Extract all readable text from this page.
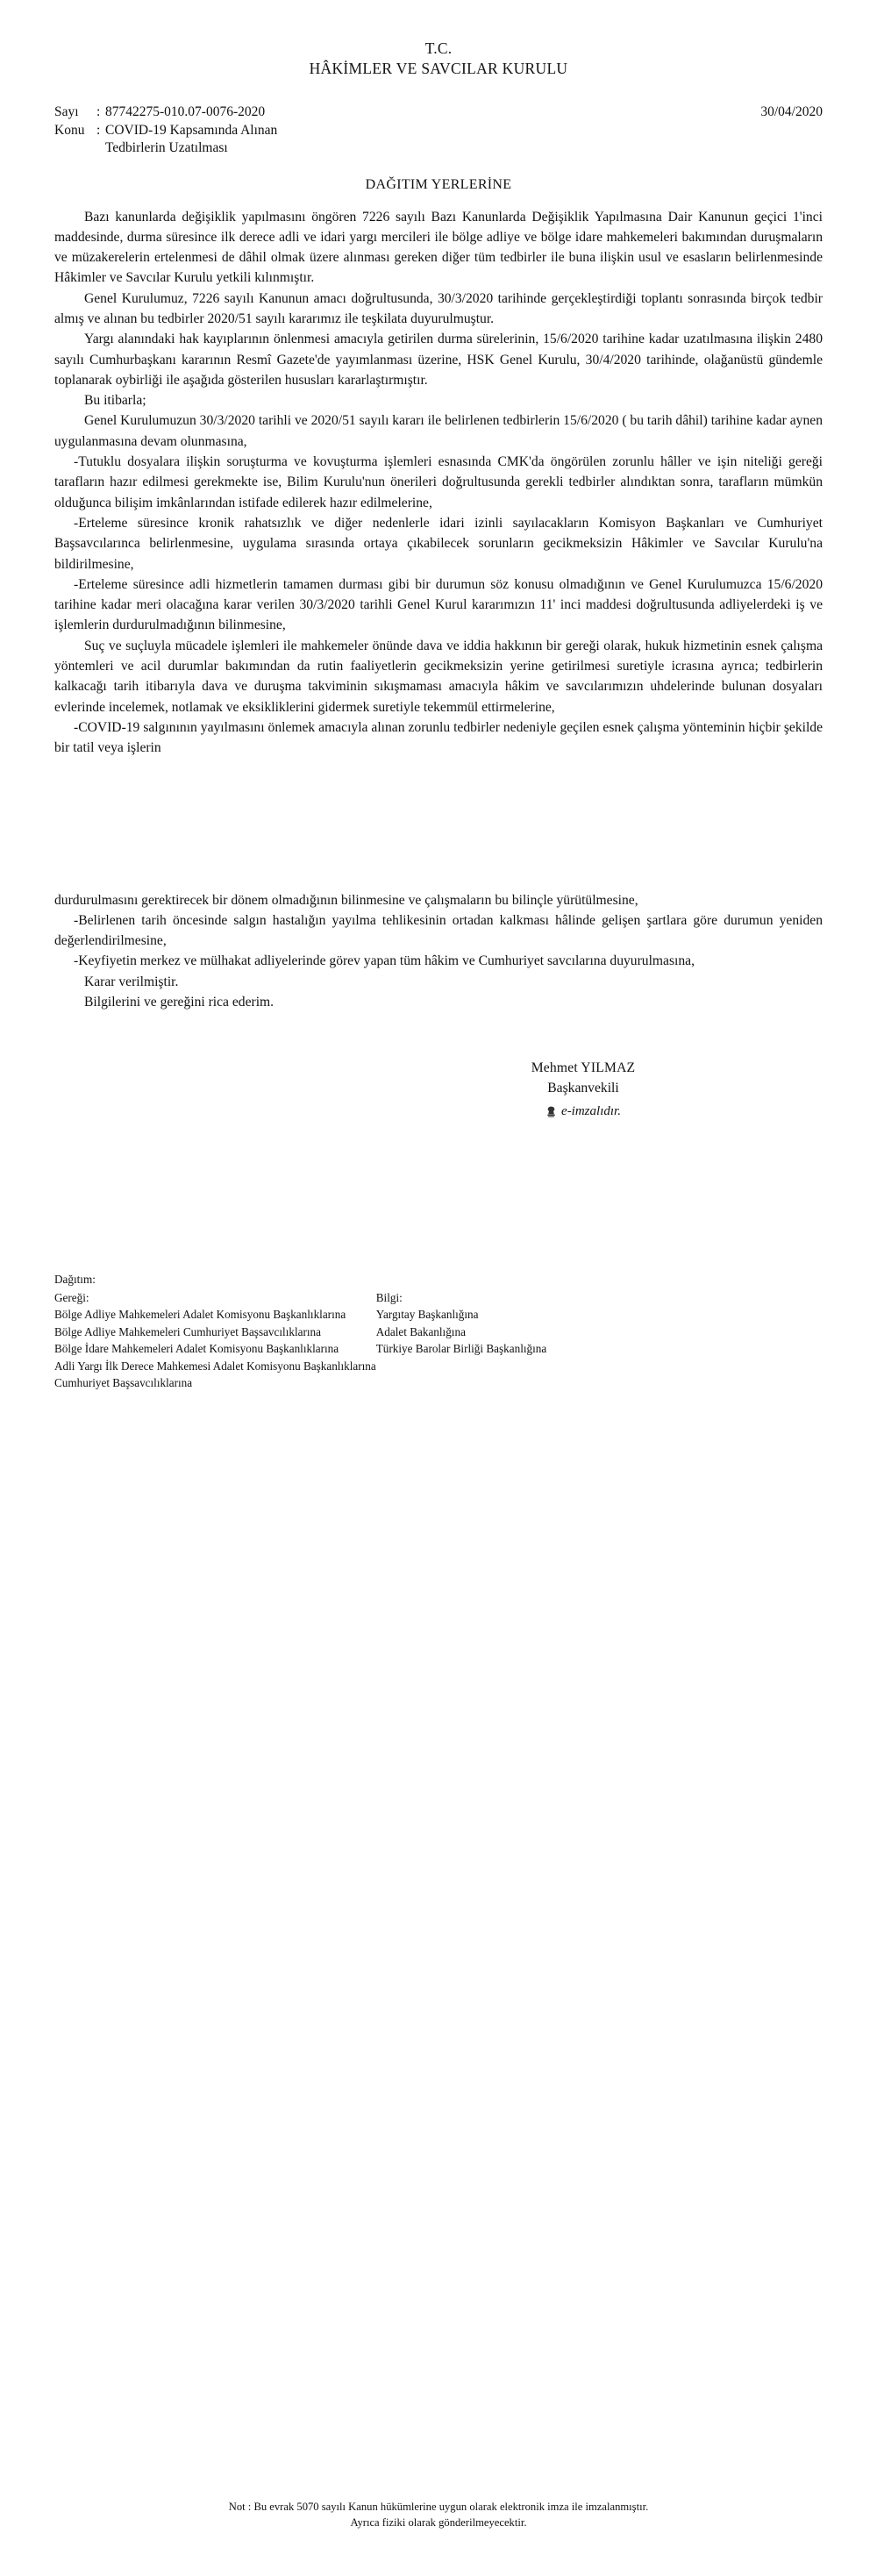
T.C.
HÂKİMLER VE SAVCILAR KURULU
Sayı	: 87742275-010.07-0076-2020
Konu : COVID-19 Kapsamında Alınan
Tedbirlerin Uzatılması
30/04/2020
DAĞITIM YERLERİNE

Bazı kanunlarda değişiklik yapılmasını öngören 7226 sayılı Bazı Kanunlarda Değişiklik Yapılmasına Dair Kanunun geçici 1'inci maddesinde, durma süresince ilk derece adli ve idari yargı mercileri ile bölge adliye ve bölge idare mahkemeleri bakımından duruşmaların ve müzakerelerin ertelenmesi de dâhil olmak üzere alınması gereken diğer tüm tedbirler ile buna ilişkin usul ve esasların belirlenmesinde Hâkimler ve Savcılar Kurulu yetkili kılınmıştır.

Genel Kurulumuz, 7226 sayılı Kanunun amacı doğrultusunda, 30/3/2020 tarihinde gerçekleştirdiği toplantı sonrasında birçok tedbir almış ve alınan bu tedbirler 2020/51 sayılı kararımız ile teşkilata duyurulmuştur.

Yargı alanındaki hak kayıplarının önlenmesi amacıyla getirilen durma sürelerinin, 15/6/2020 tarihine kadar uzatılmasına ilişkin 2480 sayılı Cumhurbaşkanı kararının Resmî Gazete'de yayımlanması üzerine, HSK Genel Kurulu, 30/4/2020 tarihinde, olağanüstü gündemle toplanarak oybirliği ile aşağıda gösterilen hususları kararlaştırmıştır.

Bu itibarla;

Genel Kurulumuzun 30/3/2020 tarihli ve 2020/51 sayılı kararı ile belirlenen tedbirlerin 15/6/2020 ( bu tarih dâhil) tarihine kadar aynen uygulanmasına devam olunmasına,

-Tutuklu dosyalara ilişkin soruşturma ve kovuşturma işlemleri esnasında CMK'da öngörülen zorunlu hâller ve işin niteliği gereği tarafların hazır edilmesi gerekmekte ise, Bilim Kurulu'nun önerileri doğrultusunda gerekli tedbirler alındıktan sonra, tarafların mümkün olduğunca bilişim imkânlarından istifade edilerek hazır edilmelerine,

-Erteleme süresince kronik rahatsızlık ve diğer nedenlerle idari izinli sayılacakların Komisyon Başkanları ve Cumhuriyet Başsavcılarınca belirlenmesine, uygulama sırasında ortaya çıkabilecek sorunların gecikmeksizin Hâkimler ve Savcılar Kurulu'na bildirilmesine,

-Erteleme süresince adli hizmetlerin tamamen durması gibi bir durumun söz konusu olmadığının ve Genel Kurulumuzca 15/6/2020 tarihine kadar meri olacağına karar verilen 30/3/2020 tarihli Genel Kurul kararımızın 11' inci maddesi doğrultusunda adliyelerdeki iş ve işlemlerin durdurulmadığının bilinmesine,

Suç ve suçluyla mücadele işlemleri ile mahkemeler önünde dava ve iddia hakkının bir gereği olarak, hukuk hizmetinin esnek çalışma yöntemleri ve acil durumlar bakımından da rutin faaliyetlerin gecikmeksizin yerine getirilmesi suretiyle icrasına ayrıca; tedbirlerin kalkacağı tarih itibarıyla dava ve duruşma takviminin sıkışmaması amacıyla hâkim ve savcılarımızın uhdelerinde bulunan dosyaları evlerinde incelemek, notlamak ve eksikliklerini gidermek suretiyle tekemmül ettirmelerine,

-COVID-19 salgınının yayılmasını önlemek amacıyla alınan zorunlu tedbirler nedeniyle geçilen esnek çalışma yönteminin hiçbir şekilde bir tatil veya işlerin

durdurulmasını gerektirecek bir dönem olmadığının bilinmesine ve çalışmaların bu bilinçle yürütülmesine,

-Belirlenen tarih öncesinde salgın hastalığın yayılma tehlikesinin ortadan kalkması hâlinde gelişen şartlara göre durumun yeniden değerlendirilmesine,

-Keyfiyetin merkez ve mülhakat adliyelerinde görev yapan tüm hâkim ve Cumhuriyet savcılarına duyurulmasına,

Karar verilmiştir.

Bilgilerini ve gereğini rica ederim.

Mehmet YILMAZ
Başkanvekili
e-imzalıdır.
Dağıtım:
Gereği:
Bölge Adliye Mahkemeleri Adalet Komisyonu Başkanlıklarına
Bölge Adliye Mahkemeleri Cumhuriyet Başsavcılıklarına
Bölge İdare Mahkemeleri Adalet Komisyonu Başkanlıklarına
Adli Yargı İlk Derece Mahkemesi Adalet Komisyonu Başkanlıklarına
Cumhuriyet Başsavcılıklarına
Bilgi:
Yargıtay Başkanlığına
Adalet Bakanlığına
Türkiye Barolar Birliği Başkanlığına
Not : Bu evrak 5070 sayılı Kanun hükümlerine uygun olarak elektronik imza ile imzalanmıştır.
Ayrıca fiziki olarak gönderilmeyecektir.
